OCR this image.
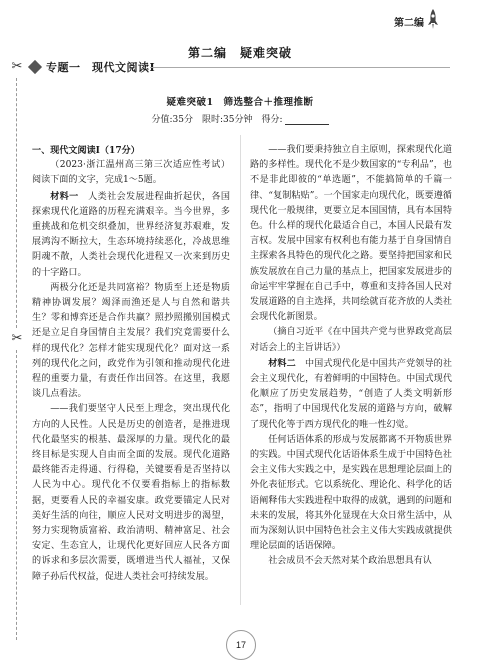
第二编
✂
✂
第二编　疑难突破
专题一　现代文阅读Ⅰ
疑难突破1　筛选整合＋推理推断
分值:35分　限时:35分钟　得分:

一、现代文阅读Ⅰ（17分）

（2023·浙江温州高三第三次适应性考试）阅读下面的文字，完成1～5题。

材料一　人类社会发展进程曲折起伏，各国探索现代化道路的历程充满艰辛。当今世界，多重挑战和危机交织叠加，世界经济复苏艰难，发展鸿沟不断拉大，生态环境持续恶化，冷战思维阴魂不散，人类社会现代化进程又一次来到历史的十字路口。

两极分化还是共同富裕？物质至上还是物质精神协调发展？竭泽而渔还是人与自然和谐共生？零和博弈还是合作共赢？照抄照搬别国模式还是立足自身国情自主发展？我们究竟需要什么样的现代化？怎样才能实现现代化？面对这一系列的现代化之问，政党作为引领和推动现代化进程的重要力量，有责任作出回答。在这里，我愿谈几点看法。

——我们要坚守人民至上理念，突出现代化方向的人民性。人民是历史的创造者，是推进现代化最坚实的根基、最深厚的力量。现代化的最终目标是实现人自由而全面的发展。现代化道路最终能否走得通、行得稳，关键要看是否坚持以人民为中心。现代化不仅要看指标上的指标数据，更要看人民的幸福安康。政党要锚定人民对美好生活的向往，顺应人民对文明进步的渴望，努力实现物质富裕、政治清明、精神富足、社会安定、生态宜人，让现代化更好回应人民各方面的诉求和多层次需要，既增进当代人福祉，又保障子孙后代权益，促进人类社会可持续发展。

——我们要秉持独立自主原则，探索现代化道路的多样性。现代化不是少数国家的“专利品”，也不是非此即彼的“单选题”，不能搞简单的千篇一律、“复制粘贴”。一个国家走向现代化，既要遵循现代化一般规律，更要立足本国国情，具有本国特色。什么样的现代化最适合自己，本国人民最有发言权。发展中国家有权利也有能力基于自身国情自主探索各具特色的现代化之路。要坚持把国家和民族发展放在自己力量的基点上，把国家发展进步的命运牢牢掌握在自己手中，尊重和支持各国人民对发展道路的自主选择，共同绘就百花齐放的人类社会现代化新图景。

（摘自习近平《在中国共产党与世界政党高层对话会上的主旨讲话》）

材料二　中国式现代化是中国共产党领导的社会主义现代化，有着鲜明的中国特色。中国式现代化顺应了历史发展趋势，“创造了人类文明新形态”，指明了中国现代化发展的道路与方向，破解了现代化等于西方现代化的唯一性幻觉。

任何话语体系的形成与发展都离不开物质世界的实践。中国式现代化话语体系生成于中国特色社会主义伟大实践之中，是实践在思想理论层面上的外化表征形式。它以系统化、理论化、科学化的话语阐释伟大实践进程中取得的成就，遇到的问题和未来的发展，将其外化显现在大众日常生活中，从而为深刻认识中国特色社会主义伟大实践成就提供理论层面的话语保障。

社会成员不会天然对某个政治思想具有认

17
